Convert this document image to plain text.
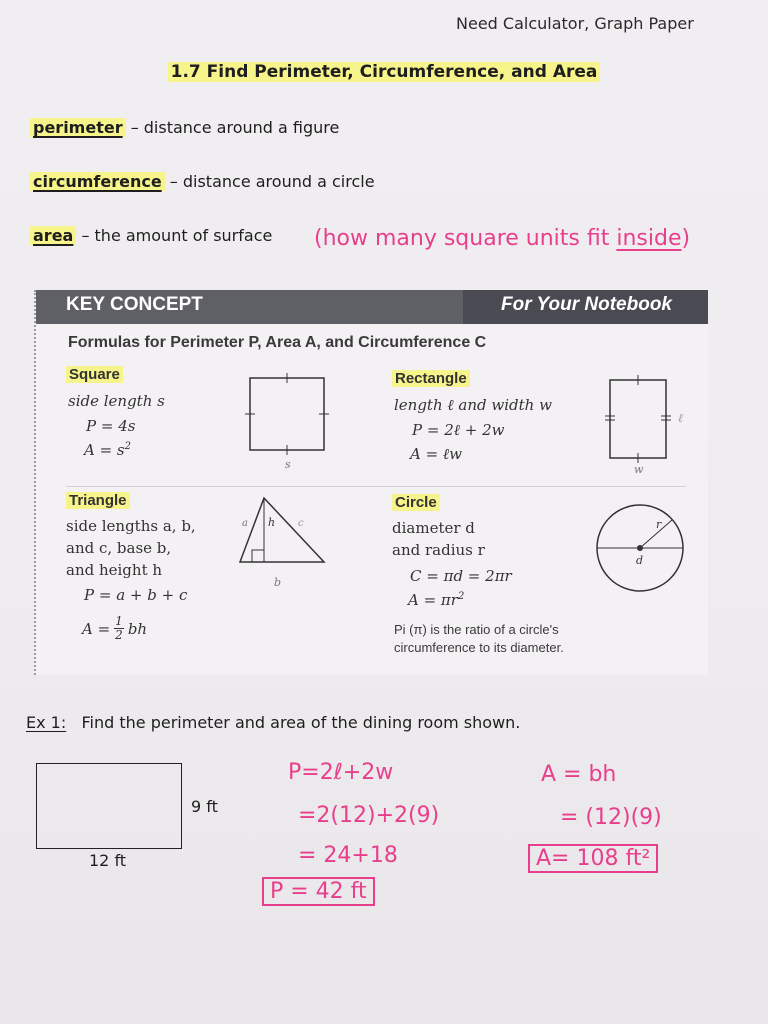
Need Calculator, Graph Paper
1.7 Find Perimeter, Circumference, and Area
perimeter – distance around a figure
circumference – distance around a circle
area – the amount of surface (how many square units fit inside)
KEY CONCEPT	For Your Notebook
Formulas for Perimeter P, Area A, and Circumference C
Square
side length s
P = 4s
$A = s^2$
s
Rectangle
length ℓ and width w
P = 2ℓ + 2w
A = ℓw
ℓ
w
Triangle
side lengths a, b,
and c, base b,
and height h
P = a + b + c
$A = \frac{1}{2}$ bh
a h c
b
Circle
diameter d
and radius r
C = πd = 2πr
$A = \pi r^2$
Pi (π) is the ratio of a circle's
circumference to its diameter.
r
d
Ex 1: Find the perimeter and area of the dining room shown.
9 ft
12 ft
P=2ℓ+2w
=2(12)+2(9)
= 24+18
P = 42 ft
A = bh
= (12)(9)
A= 108 ft²
